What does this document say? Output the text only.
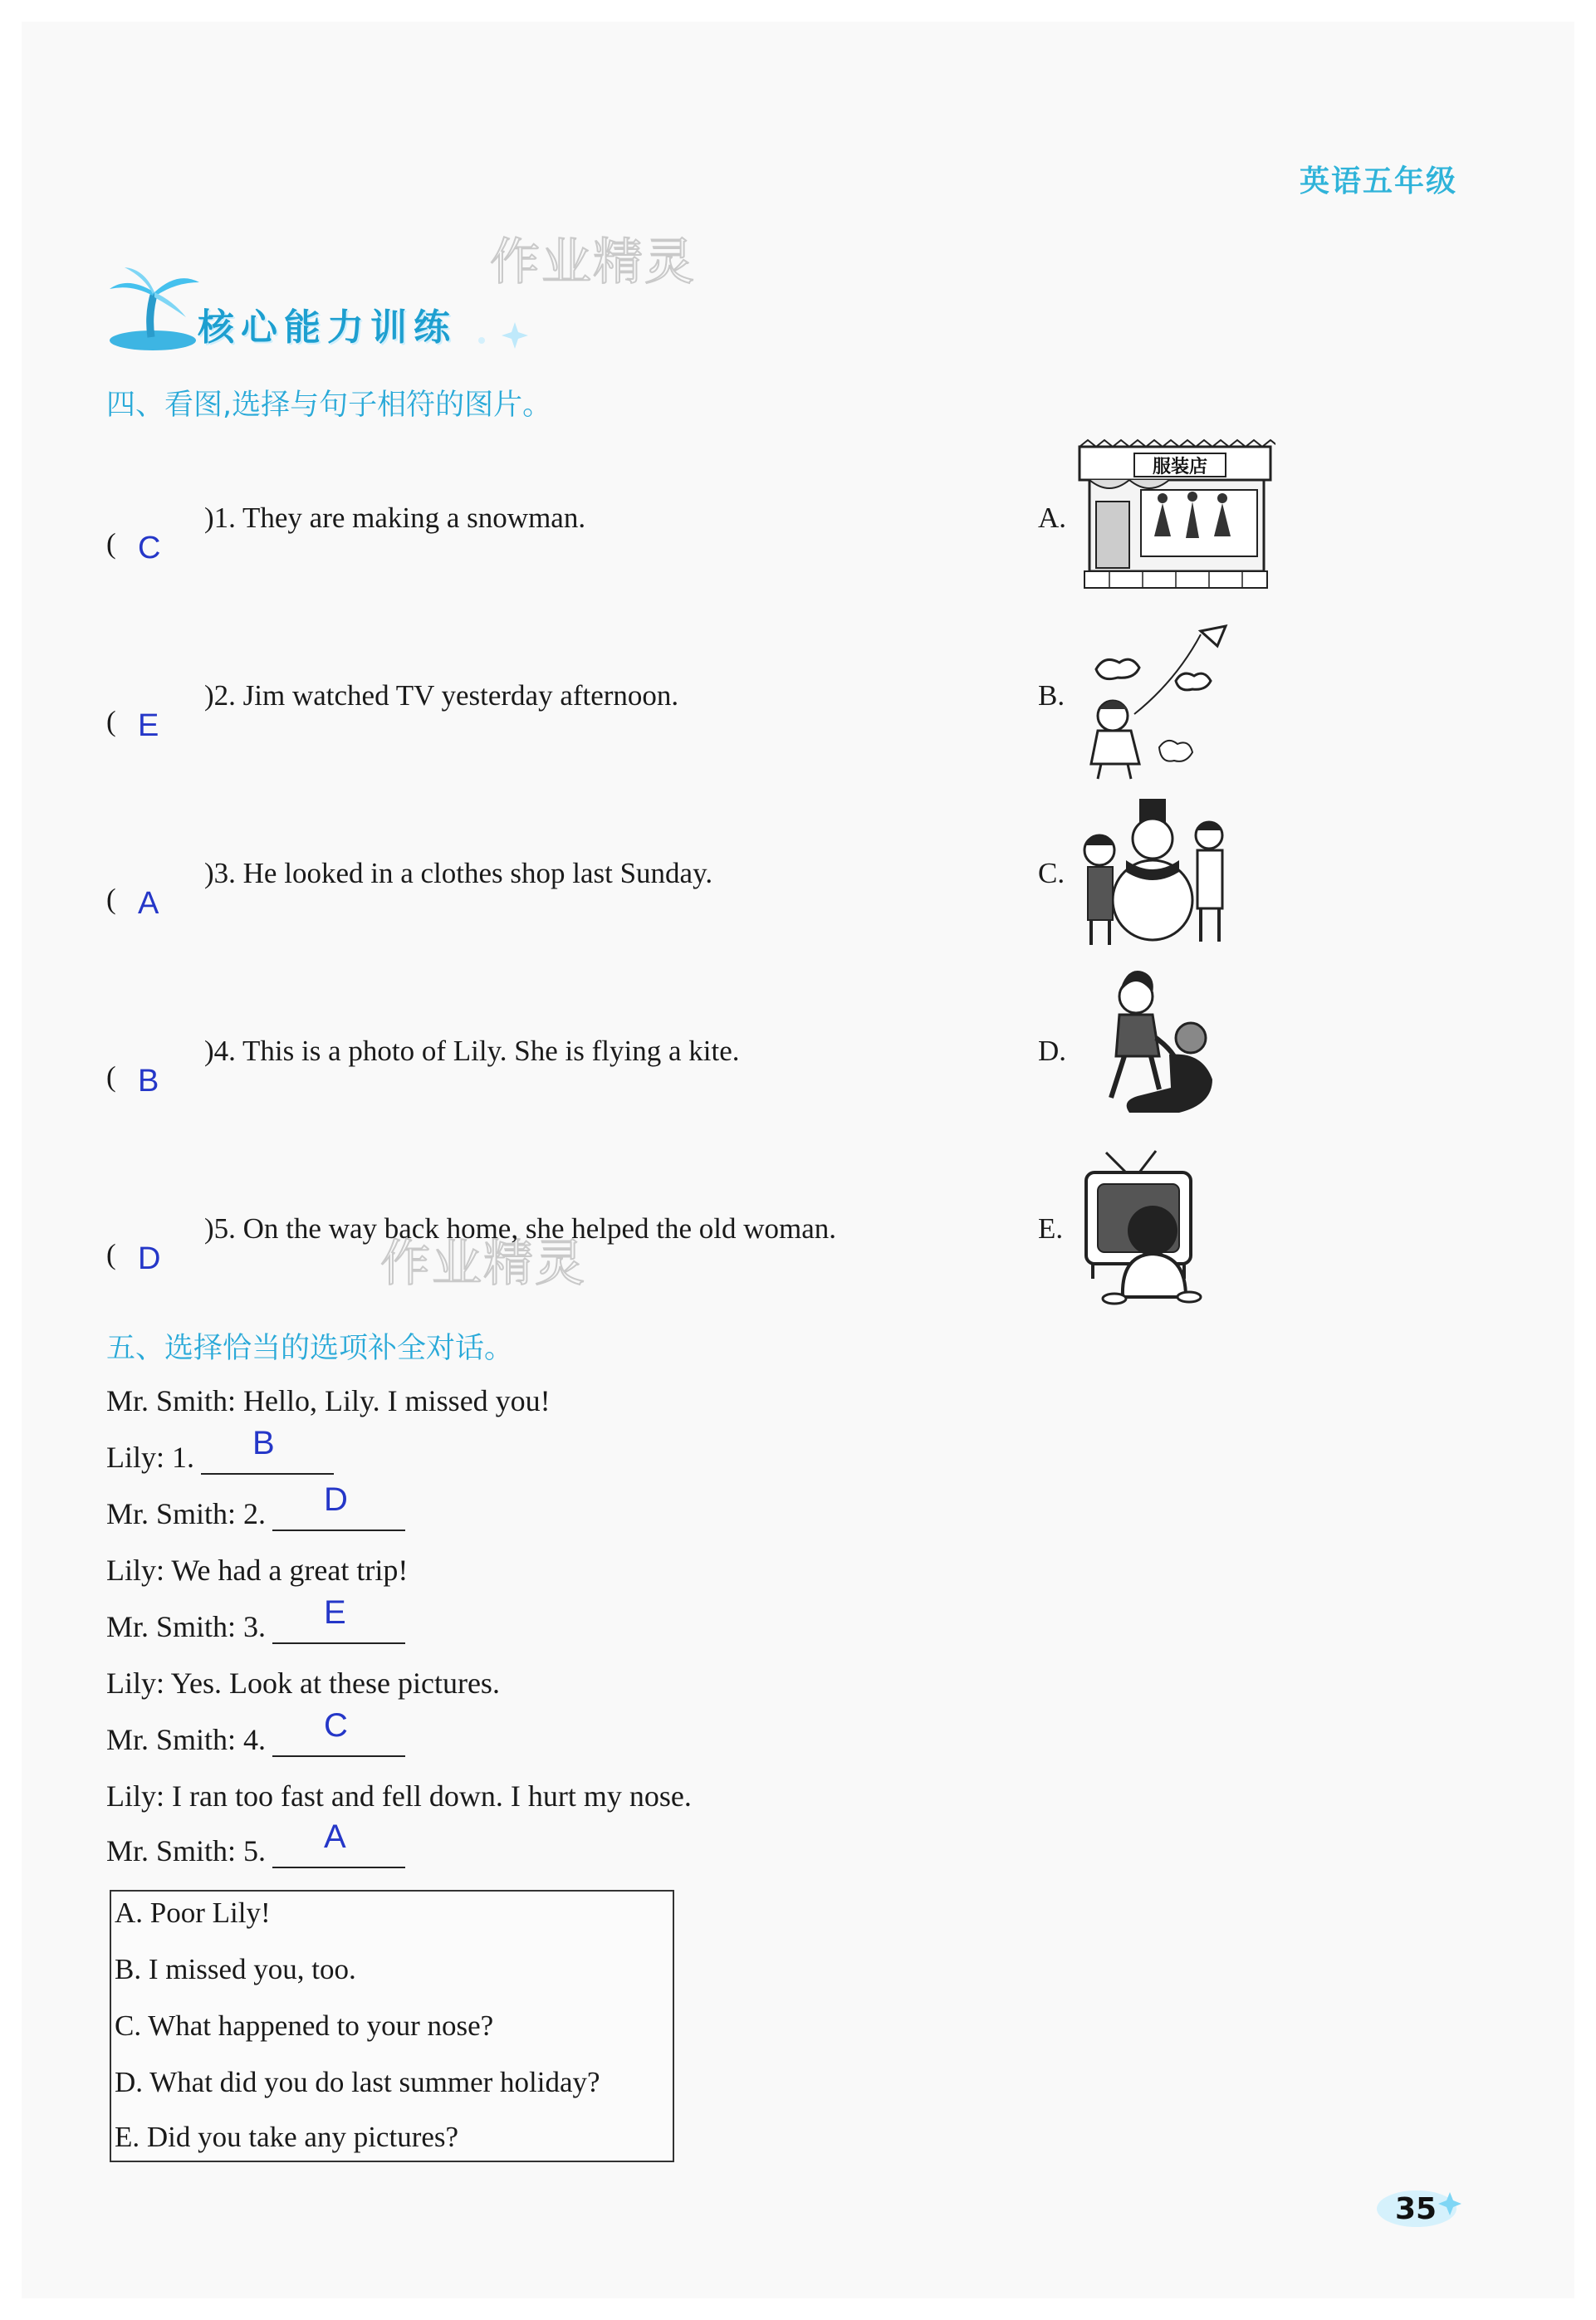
英语五年级
核心能力训练
作业精灵
作业精灵
四、看图,选择与句子相符的图片。
( C
)1. They are making a snowman.
( E
)2. Jim watched TV yesterday afternoon.
( A
)3. He looked in a clothes shop last Sunday.
( B
)4. This is a photo of Lily. She is flying a kite.
( D
)5. On the way back home, she helped the old woman.
A.
B.
C.
D.
E.
服装店
五、选择恰当的选项补全对话。
Mr. Smith: Hello, Lily. I missed you!
Lily: 1. B
Mr. Smith: 2. D
Lily: We had a great trip!
Mr. Smith: 3. E
Lily: Yes. Look at these pictures.
Mr. Smith: 4. C
Lily: I ran too fast and fell down. I hurt my nose.
Mr. Smith: 5. A
A. Poor Lily!
B. I missed you, too.
C. What happened to your nose?
D. What did you do last summer holiday?
E. Did you take any pictures?
35
